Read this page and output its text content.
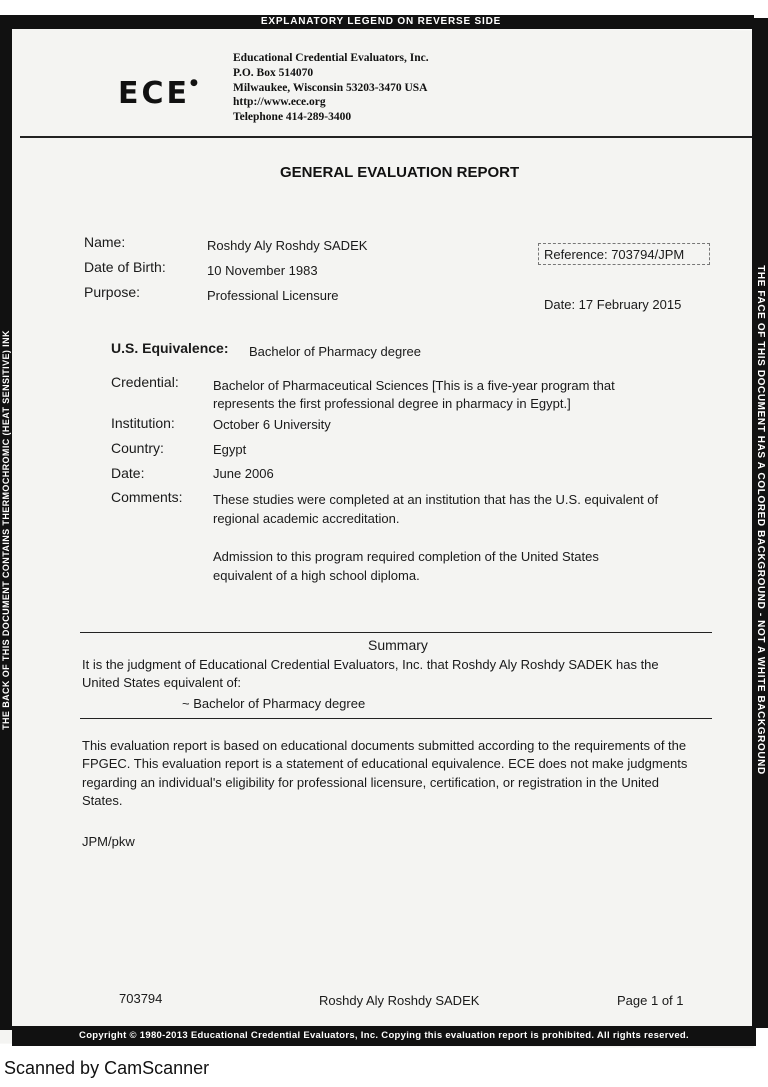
THE BACK OF THIS DOCUMENT CONTAINS THERMOCHROMIC (HEAT SENSITIVE) INK	THE FACE OF THIS DOCUMENT HAS A COLORED BACKGROUND - NOT A WHITE BACKGROUND
EXPLANATORY LEGEND ON REVERSE SIDE
ECE●
Educational Credential Evaluators, Inc.
P.O. Box 514070
Milwaukee, Wisconsin 53203-3470 USA
http://www.ece.org
Telephone 414-289-3400
GENERAL EVALUATION REPORT
Name:	Roshdy Aly Roshdy SADEK
Date of Birth:	10 November 1983
Purpose:	Professional Licensure
Reference: 703794/JPM
Date: 17 February 2015
U.S. Equivalence: Bachelor of Pharmacy degree
Credential:	Bachelor of Pharmaceutical Sciences [This is a five-year program that
represents the first professional degree in pharmacy in Egypt.]
Institution:	October 6 University
Country:	Egypt
Date:	June 2006
Comments: These studies were completed at an institution that has the U.S. equivalent of
regional academic accreditation.
Admission to this program required completion of the United States
equivalent of a high school diploma.
Summary
It is the judgment of Educational Credential Evaluators, Inc. that Roshdy Aly Roshdy SADEK has the
United States equivalent of:
~ Bachelor of Pharmacy degree
This evaluation report is based on educational documents submitted according to the requirements of the
FPGEC. This evaluation report is a statement of educational equivalence. ECE does not make judgments
regarding an individual's eligibility for professional licensure, certification, or registration in the United
States.
JPM/pkw
703794	Roshdy Aly Roshdy SADEK	Page 1 of 1
Copyright © 1980-2013 Educational Credential Evaluators, Inc. Copying this evaluation report is prohibited. All rights reserved.
Scanned by CamScanner
